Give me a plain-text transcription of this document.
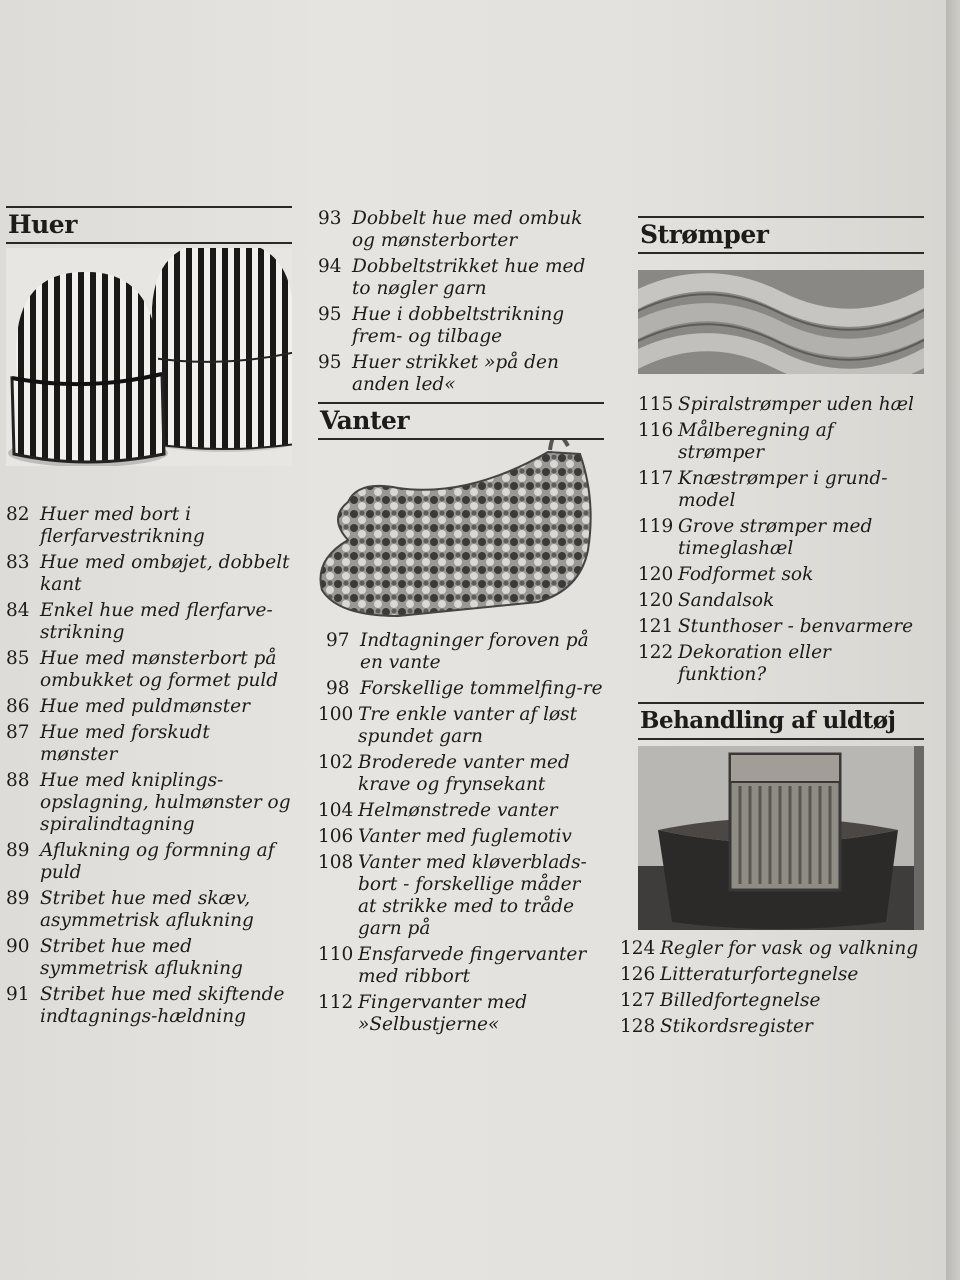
Huer
82 Huer med bort i flerfarvestrikning
83 Hue med ombøjet, dobbelt kant
84 Enkel hue med flerfarve-strikning
85 Hue med mønsterbort på ombukket og formet puld
86 Hue med puldmønster
87 Hue med forskudt mønster
88 Hue med kniplings-opslagning, hulmønster og spiralindtagning
89 Aflukning og formning af puld
89 Stribet hue med skæv, asymmetrisk aflukning
90 Stribet hue med symmetrisk aflukning
91 Stribet hue med skiftende indtagnings-hældning
93 Dobbelt hue med ombuk og mønsterborter
94 Dobbeltstrikket hue med to nøgler garn
95 Hue i dobbeltstrikning frem- og tilbage
95 Huer strikket »på den anden led«
Vanter
97 Indtagninger foroven på en vante
98 Forskellige tommelfing-re
100 Tre enkle vanter af løst spundet garn
102 Broderede vanter med krave og frynsekant
104 Helmønstrede vanter
106 Vanter med fuglemotiv
108 Vanter med kløverblads-bort - forskellige måder at strikke med to tråde garn på
110 Ensfarvede fingervanter med ribbort
112 Fingervanter med »Selbustjerne«
Strømper
115 Spiralstrømper uden hæl
116 Målberegning af strømper
117 Knæstrømper i grund-model
119 Grove strømper med timeglashæl
120 Fodformet sok
120 Sandalsok
121 Stunthoser - benvarmere
122 Dekoration eller funktion?
Behandling af uldtøj
124 Regler for vask og valkning
126 Litteraturfortegnelse
127 Billedfortegnelse
128 Stikordsregister
